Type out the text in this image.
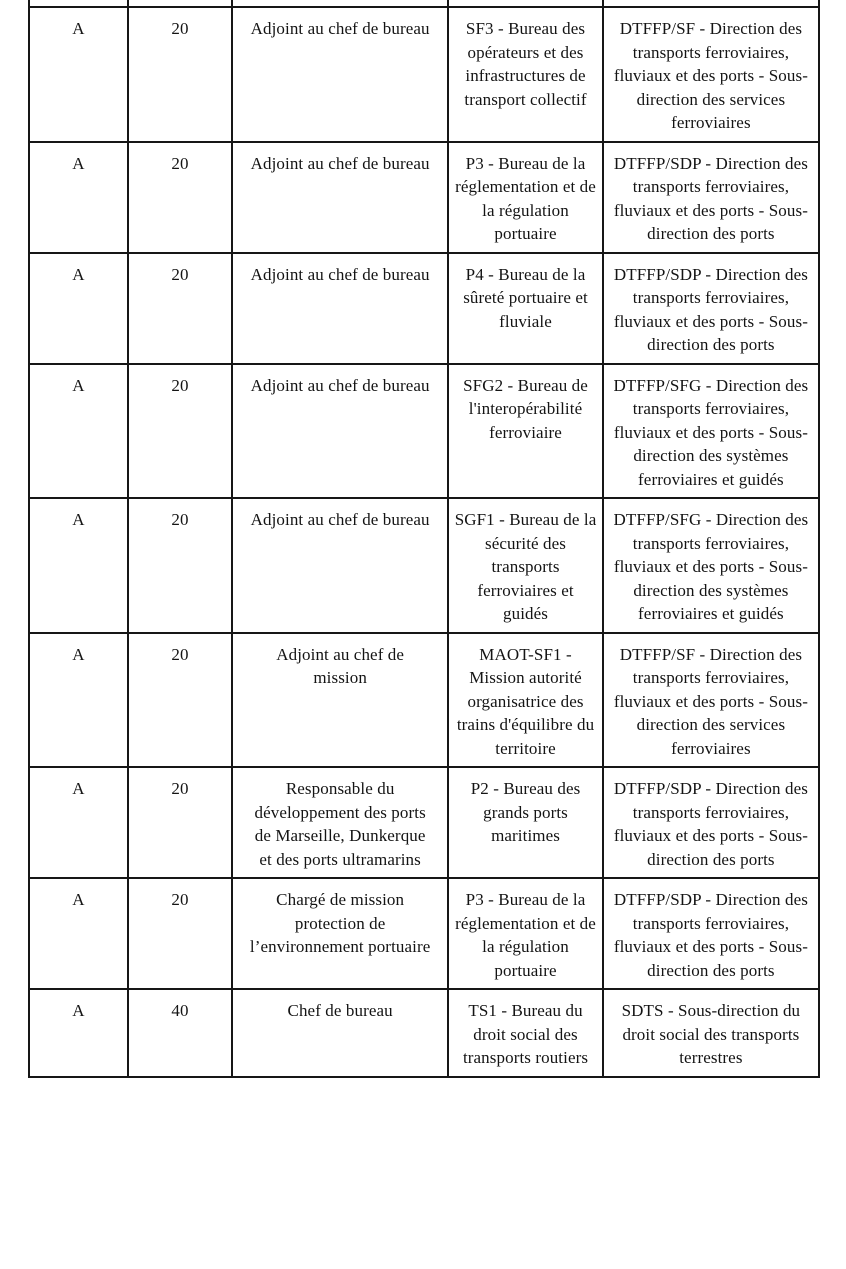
A	20	Adjoint au chef de bureau	SF3 - Bureau des opérateurs et des infrastructures de transport collectif	DTFFP/SF - Direction des transports ferroviaires, fluviaux et des ports - Sous-direction des services ferroviaires
A	20	Adjoint au chef de bureau	P3 - Bureau de la réglementation et de la régulation portuaire	DTFFP/SDP - Direction des transports ferroviaires, fluviaux et des ports - Sous-direction des ports
A	20	Adjoint au chef de bureau	P4 - Bureau de la sûreté portuaire et fluviale	DTFFP/SDP - Direction des transports ferroviaires, fluviaux et des ports - Sous-direction des ports
A	20	Adjoint au chef de bureau	SFG2 - Bureau de l'interopérabilité ferroviaire	DTFFP/SFG - Direction des transports ferroviaires, fluviaux et des ports - Sous-direction des systèmes ferroviaires et guidés
A	20	Adjoint au chef de bureau	SGF1 - Bureau de la sécurité des transports ferroviaires et guidés	DTFFP/SFG - Direction des transports ferroviaires, fluviaux et des ports - Sous-direction des systèmes ferroviaires et guidés
A	20	Adjoint au chef de mission	MAOT-SF1 - Mission autorité organisatrice des trains d'équilibre du territoire	DTFFP/SF - Direction des transports ferroviaires, fluviaux et des ports - Sous-direction des services ferroviaires
A	20	Responsable du développement des ports de Marseille, Dunkerque et des ports ultramarins	P2 - Bureau des grands ports maritimes	DTFFP/SDP - Direction des transports ferroviaires, fluviaux et des ports - Sous-direction des ports
A	20	Chargé de mission protection de l’environnement portuaire	P3 - Bureau de la réglementation et de la régulation portuaire	DTFFP/SDP - Direction des transports ferroviaires, fluviaux et des ports - Sous-direction des ports
A	40	Chef de bureau	TS1 - Bureau du droit social des transports routiers	SDTS - Sous-direction du droit social des transports terrestres
